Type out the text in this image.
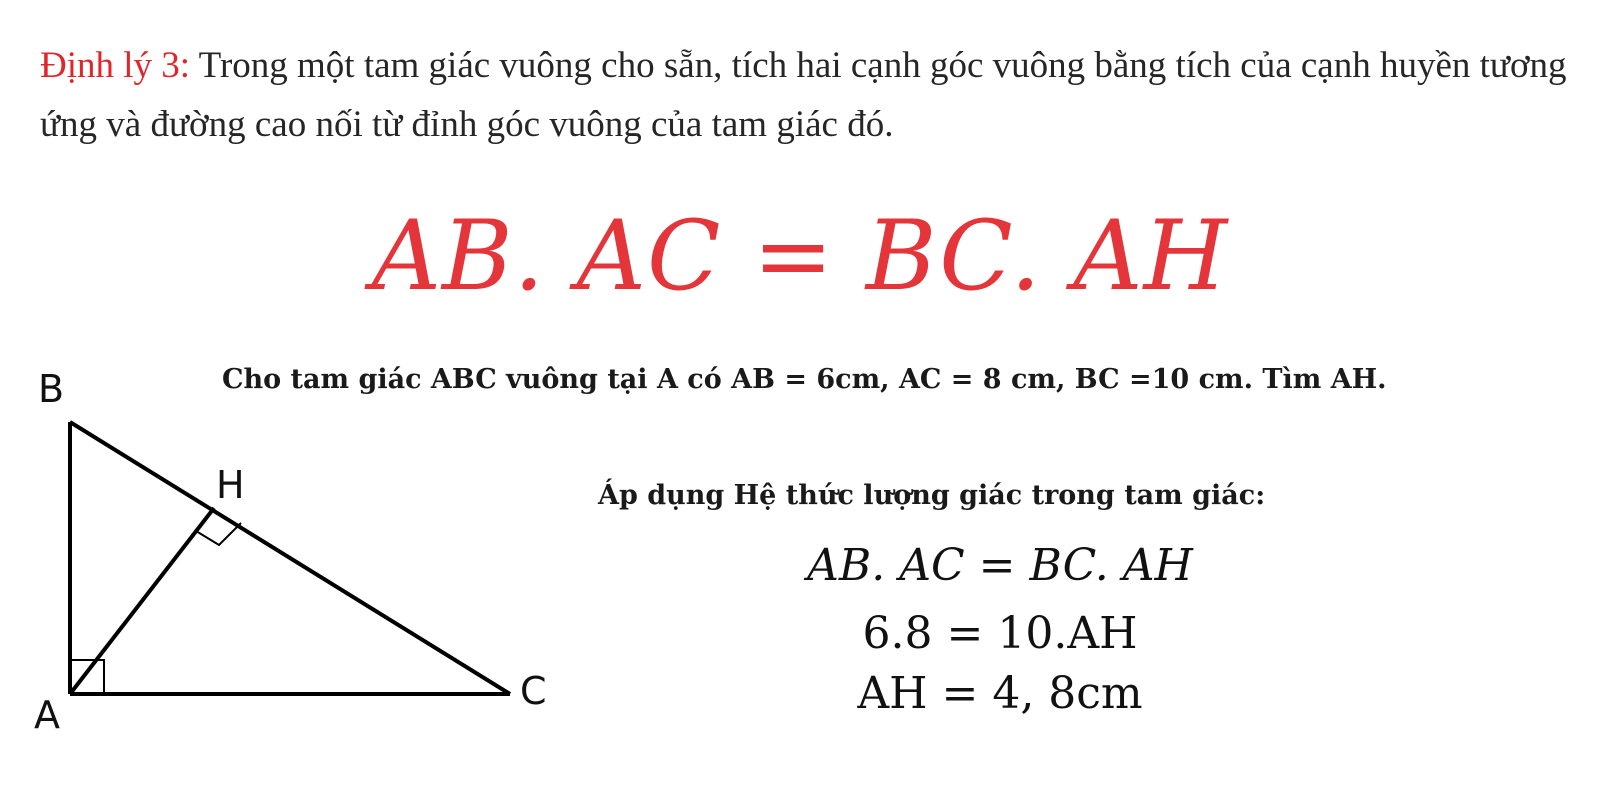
Định lý 3: Trong một tam giác vuông cho sẵn, tích hai cạnh góc vuông bằng tích của cạnh huyền tương ứng và đường cao nối từ đỉnh góc vuông của tam giác đó.

AB. AC = BC. AH
B
H
A
C

Cho tam giác ABC vuông tại A có AB = 6cm, AC = 8 cm, BC =10 cm. Tìm AH.

Áp dụng Hệ thức lượng giác trong tam giác:
AB. AC = BC. AH
6.8 = 10.AH
AH = 4, 8cm
